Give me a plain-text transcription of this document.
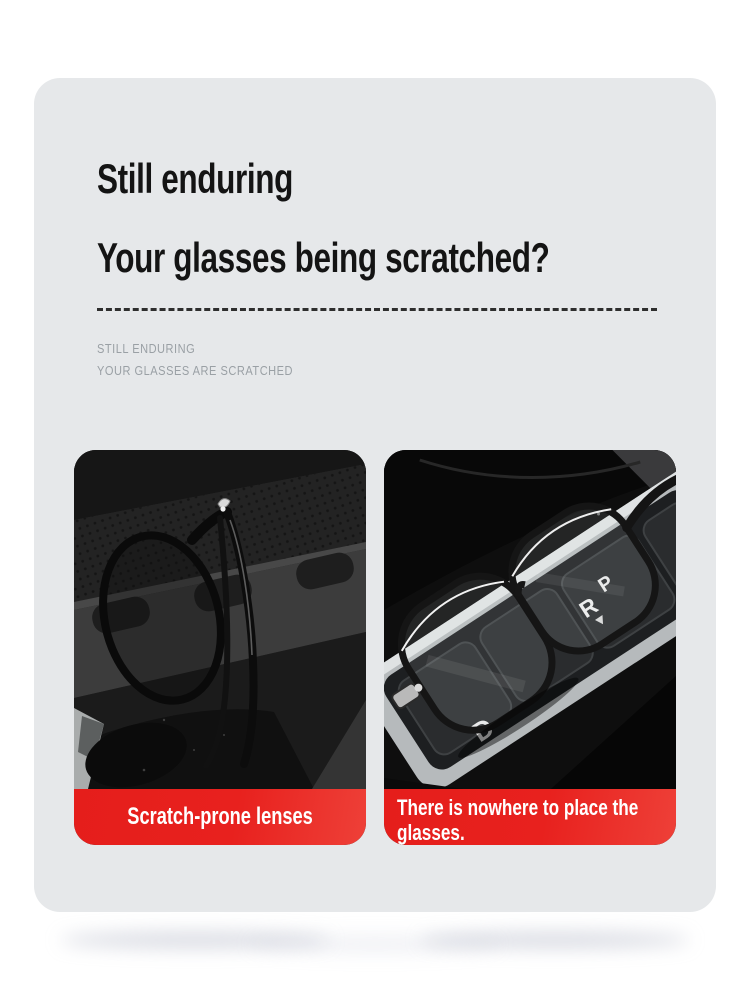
Still enduring
Your glasses being scratched?
STILL ENDURING
YOUR GLASSES ARE SCRATCHED
Scratch-prone lenses	There is nowhere to place the
glasses.
